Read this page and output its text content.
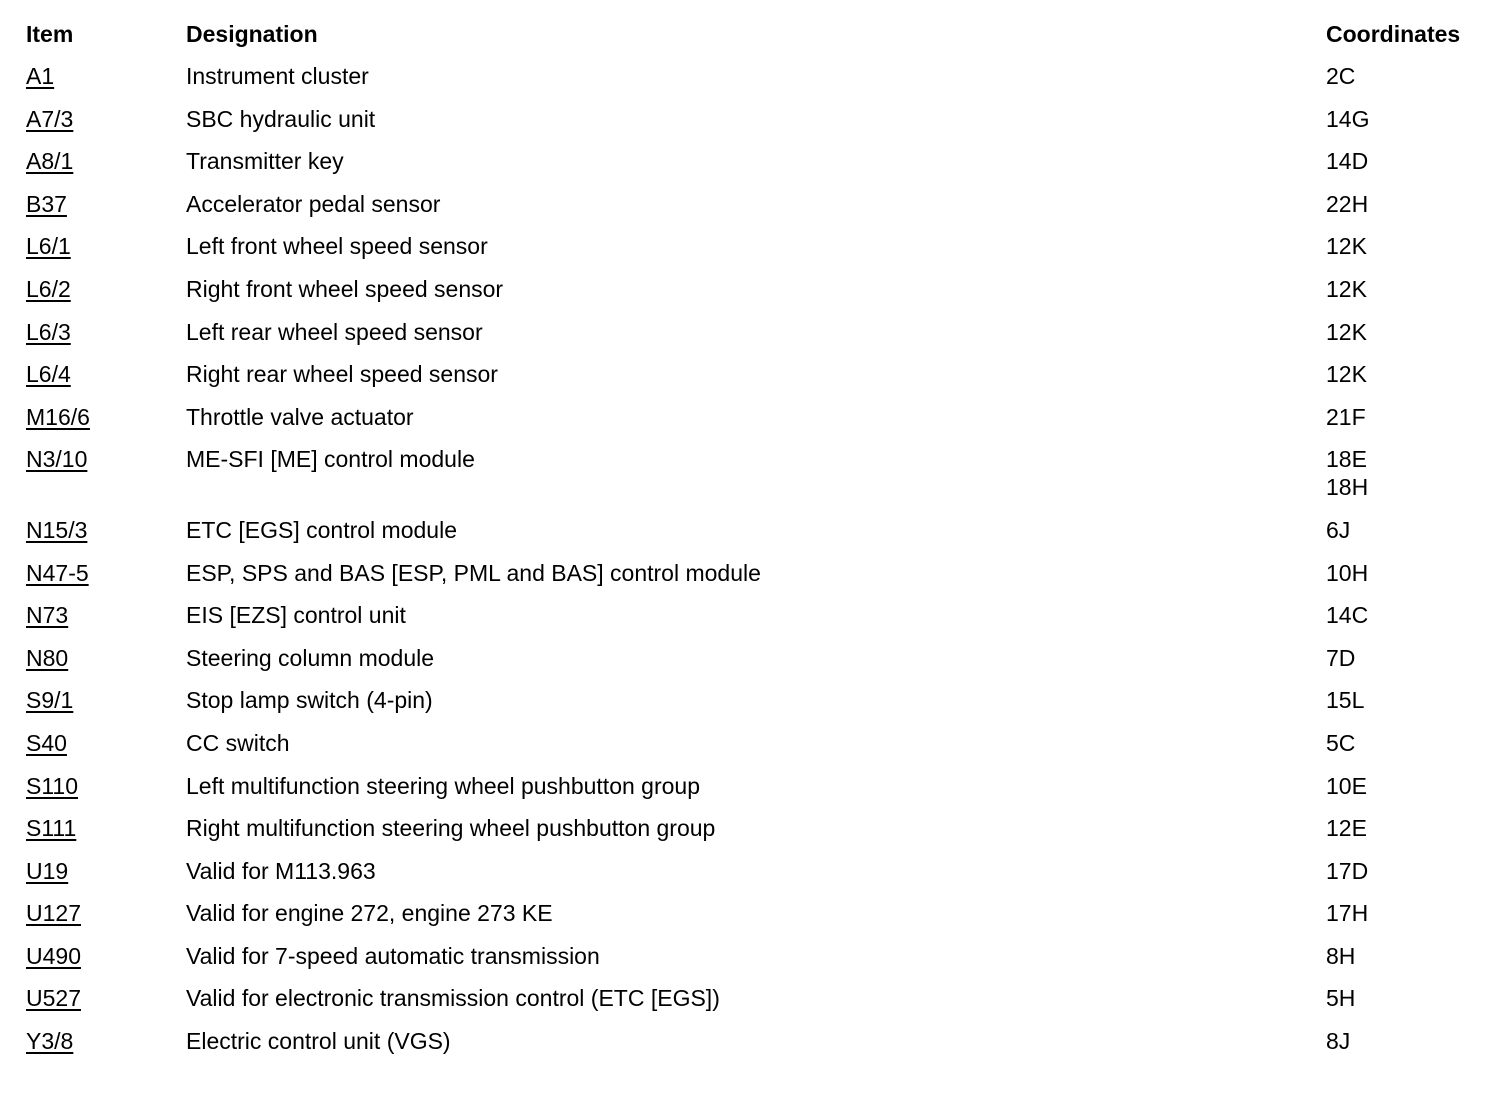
Item	Designation	Coordinates
A1	Instrument cluster	2C
A7/3	SBC hydraulic unit	14G
A8/1	Transmitter key	14D
B37	Accelerator pedal sensor	22H
L6/1	Left front wheel speed sensor	12K
L6/2	Right front wheel speed sensor	12K
L6/3	Left rear wheel speed sensor	12K
L6/4	Right rear wheel speed sensor	12K
M16/6	Throttle valve actuator	21F
N3/10	ME-SFI [ME] control module	18E
18H
N15/3	ETC [EGS] control module	6J
N47-5	ESP, SPS and BAS [ESP, PML and BAS] control module	10H
N73	EIS [EZS] control unit	14C
N80	Steering column module	7D
S9/1	Stop lamp switch (4-pin)	15L
S40	CC switch	5C
S110	Left multifunction steering wheel pushbutton group	10E
S111	Right multifunction steering wheel pushbutton group	12E
U19	Valid for M113.963	17D
U127	Valid for engine 272, engine 273 KE	17H
U490	Valid for 7-speed automatic transmission	8H
U527	Valid for electronic transmission control (ETC [EGS])	5H
Y3/8	Electric control unit (VGS)	8J
